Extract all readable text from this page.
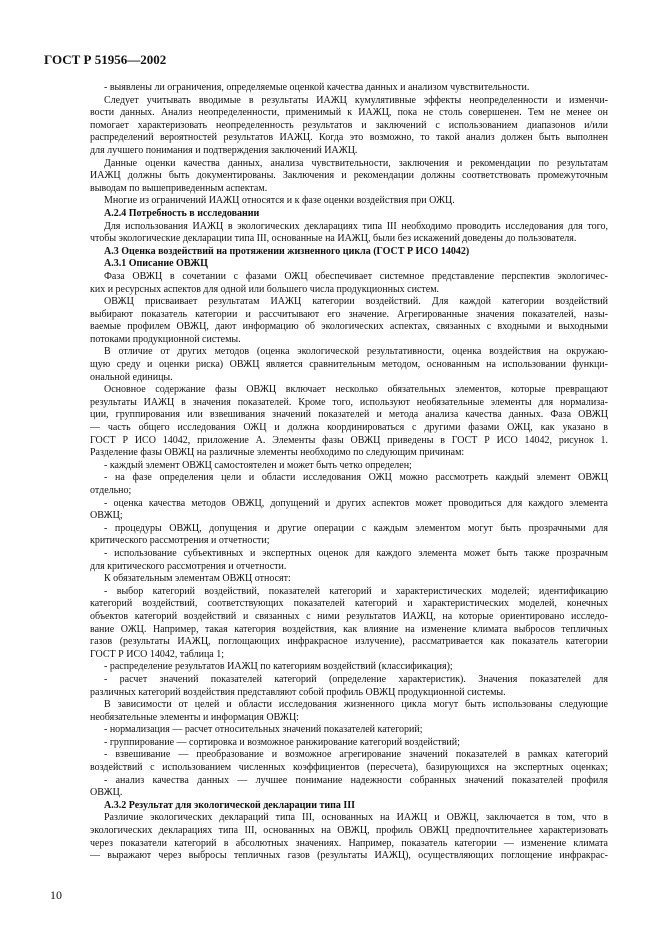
ГОСТ Р 51956—2002
- выявлены ли ограничения, определяемые оценкой качества данных и анализом чувствительности.
Следует учитывать вводимые в результаты ИАЖЦ кумулятивные эффекты неопределенности и изменчи-
вости данных. Анализ неопределенности, применимый к ИАЖЦ, пока не столь совершенен. Тем не менее он
помогает характеризовать неопределенность результатов и заключений с использованием диапазонов и/или
распределений вероятностей результатов ИАЖЦ. Когда это возможно, то такой анализ должен быть выполнен
для лучшего понимания и подтверждения заключений ИАЖЦ.
Данные оценки качества данных, анализа чувствительности, заключения и рекомендации по результатам
ИАЖЦ должны быть документированы. Заключения и рекомендации должны соответствовать промежуточным
выводам по вышеприведенным аспектам.
Многие из ограничений ИАЖЦ относятся и к фазе оценки воздействия при ОЖЦ.
А.2.4 Потребность в исследовании
Для использования ИАЖЦ в экологических декларациях типа III необходимо проводить исследования для того,
чтобы экологические декларации типа III, основанные на ИАЖЦ, были без искажений доведены до пользователя.
А.3 Оценка воздействий на протяжении жизненного цикла (ГОСТ Р ИСО 14042)
А.3.1 Описание ОВЖЦ
Фаза ОВЖЦ в сочетании с фазами ОЖЦ обеспечивает системное представление перспектив экологичес-
ких и ресурсных аспектов для одной или большего числа продукционных систем.
ОВЖЦ присваивает результатам ИАЖЦ категории воздействий. Для каждой категории воздействий
выбирают показатель категории и рассчитывают его значение. Агрегированные значения показателей, назы-
ваемые профилем ОВЖЦ, дают информацию об экологических аспектах, связанных с входными и выходными
потоками продукционной системы.
В отличие от других методов (оценка экологической результативности, оценка воздействия на окружаю-
щую среду и оценки риска) ОВЖЦ является сравнительным методом, основанным на использовании функци-
ональной единицы.
Основное содержание фазы ОВЖЦ включает несколько обязательных элементов, которые превращают
результаты ИАЖЦ в значения показателей. Кроме того, используют необязательные элементы для нормализа-
ции, группирования или взвешивания значений показателей и метода анализа качества данных. Фаза ОВЖЦ
— часть общего исследования ОЖЦ и должна координироваться с другими фазами ОЖЦ, как указано в
ГОСТ Р ИСО 14042, приложение А. Элементы фазы ОВЖЦ приведены в ГОСТ Р ИСО 14042, рисунок 1.
Разделение фазы ОВЖЦ на различные элементы необходимо по следующим причинам:
- каждый элемент ОВЖЦ самостоятелен и может быть четко определен;
- на фазе определения цели и области исследования ОЖЦ можно рассмотреть каждый элемент ОВЖЦ
отдельно;
- оценка качества методов ОВЖЦ, допущений и других аспектов может проводиться для каждого элемента
ОВЖЦ;
- процедуры ОВЖЦ, допущения и другие операции с каждым элементом могут быть прозрачными для
критического рассмотрения и отчетности;
- использование субъективных и экспертных оценок для каждого элемента может быть также прозрачным
для критического рассмотрения и отчетности.
К обязательным элементам ОВЖЦ относят:
- выбор категорий воздействий, показателей категорий и характеристических моделей; идентификацию
категорий воздействий, соответствующих показателей категорий и характеристических моделей, конечных
объектов категорий воздействий и связанных с ними результатов ИАЖЦ, на которые ориентировано исследо-
вание ОЖЦ. Например, такая категория воздействия, как влияние на изменение климата выбросов тепличных
газов (результаты ИАЖЦ, поглощающих инфракрасное излучение), рассматривается как показатель категории
ГОСТ Р ИСО 14042, таблица 1;
- распределение результатов ИАЖЦ по категориям воздействий (классификация);
- расчет значений показателей категорий (определение характеристик). Значения показателей для
различных категорий воздействия представляют собой профиль ОВЖЦ продукционной системы.
В зависимости от целей и области исследования жизненного цикла могут быть использованы следующие
необязательные элементы и информация ОВЖЦ:
- нормализация — расчет относительных значений показателей категорий;
- группирование — сортировка и возможное ранжирование категорий воздействий;
- взвешивание — преобразование и возможное агрегирование значений показателей в рамках категорий
воздействий с использованием численных коэффициентов (пересчета), базирующихся на экспертных оценках;
- анализ качества данных — лучшее понимание надежности собранных значений показателей профиля
ОВЖЦ.
А.3.2 Результат для экологической декларации типа III
Различие экологических деклараций типа III, основанных на ИАЖЦ и ОВЖЦ, заключается в том, что в
экологических декларациях типа III, основанных на ОВЖЦ, профиль ОВЖЦ предпочтительнее характеризовать
через показатели категорий в абсолютных значениях. Например, показатель категории — изменение климата
— выражают через выбросы тепличных газов (результаты ИАЖЦ), осуществляющих поглощение инфракрас-
10
